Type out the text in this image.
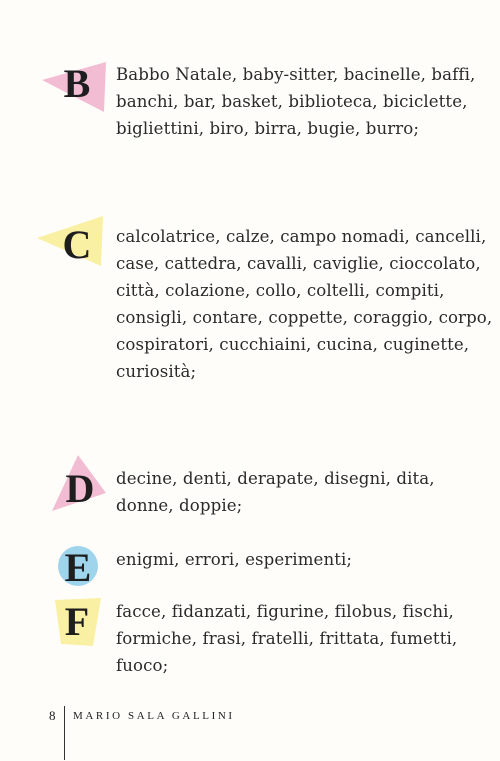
B	Babbo Natale, baby-sitter, bacinelle, baffi, banchi, bar, basket, biblioteca, biciclette, bigliettini, biro, birra, bugie, burro;
C	calcolatrice, calze, campo nomadi, cancelli, case, cattedra, cavalli, caviglie, cioccolato, città, colazione, collo, coltelli, compiti, consigli, contare, coppette, coraggio, corpo, cospiratori, cucchiaini, cucina, cuginette, curiosità;
D	decine, denti, derapate, disegni, dita, donne, doppie;
E	enigmi, errori, esperimenti;
F	facce, fidanzati, figurine, filobus, fischi, formiche, frasi, fratelli, frittata, fumetti, fuoco;
8 MARIO SALA GALLINI
